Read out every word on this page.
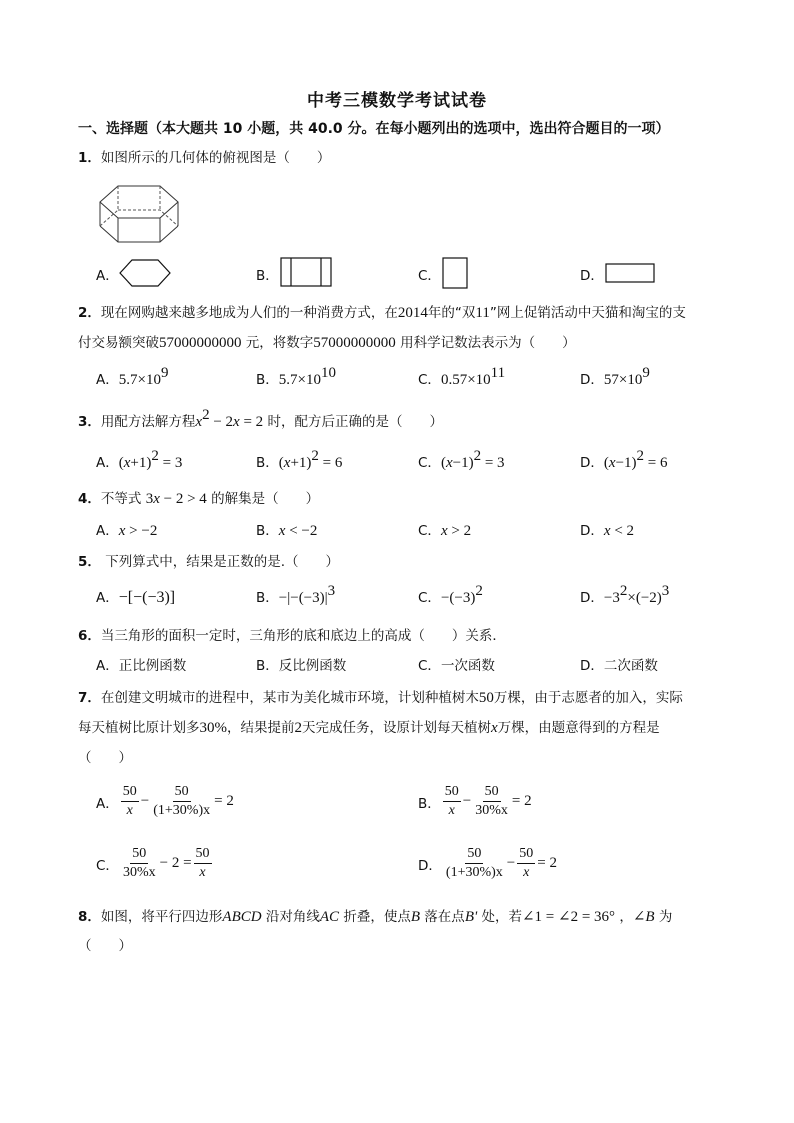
中考三模数学考试试卷
一、选择题（本大题共 10 小题，共 40.0 分。在每小题列出的选项中，选出符合题目的一项）
1．如图所示的几何体的俯视图是（　　）
A．	B．	C．	D．
2．现在网购越来越多地成为人们的一种消费方式，在2014年的“双11”网上促销活动中天猫和淘宝的支
付交易额突破57000000000 元，将数字57000000000 用科学记数法表示为（　　）
A．$5.7\times 10^9$	B．$5.7\times 10^{10}$	C．$0.57\times 10^{11}$	D．$57\times 10^9$
3．用配方法解方程$x^2 - 2x = 2$ 时，配方后正确的是（　　）
A．$(x+1)^2 = 3$	B．$(x+1)^2 = 6$	C．$(x-1)^2 = 3$	D．$(x-1)^2 = 6$
4．不等式 3x − 2 > 4 的解集是（　　）
A．x > −2	B．x < −2	C．x > 2	D．x < 2
5． 下列算式中，结果是正数的是.（　　）
A．−[−(−3)]	B．$-|-(-3)|^3$	C．$-(-3)^2$	D．$-3^2\times(-2)^3$
6．当三角形的面积一定时，三角形的底和底边上的高成（　　）关系．
A．正比例函数	B．反比例函数	C．一次函数	D．二次函数
7．在创建文明城市的进程中，某市为美化城市环境，计划种植树木50万棵，由于志愿者的加入，实际
每天植树比原计划多30%，结果提前2天完成任务，设原计划每天植树x万棵，由题意得到的方程是
（　　）
A． $\frac{50}{x} - \frac{50}{(1+30\%)x} = 2$	B． $\frac{50}{x} - \frac{50}{30\%x} = 2$
C． $\frac{50}{30\%x} - 2 = \frac{50}{x}$	D． $\frac{50}{(1+30\%)x} - \frac{50}{x} = 2$
8．如图，将平行四边形ABCD 沿对角线AC 折叠，使点B 落在点B' 处，若∠1 = ∠2 = 36° ，∠B 为
（　　）
